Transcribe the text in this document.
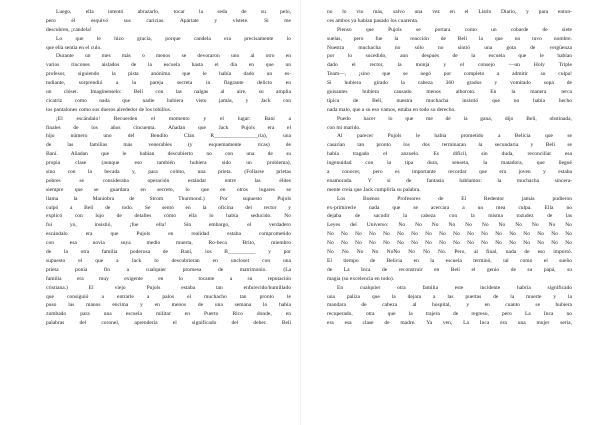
Luego, ella intentó abrazarlo, tocar la seda de su pelo,
pero él esquivó sus caricias. Apártate y vístete. Si me
descubren, ¡candela!
Lo que le hizo gracia, porque candela era precisamente lo
que ella sentía en el culo.
Durante un mes más o menos se devoraron uno al otro en
varios rincones aislados de la escuela hasta el día en que un
profesor, siguiendo la pista anónima que le había dado un es-
tudiante, sorprendió a la pareja secreta in flagrante delicto en
un clóset. Imagínenselo: Belí con las nalgas al aire, su amplia
cicatriz como nada que nadie hubiera visto jamás, y Jack con
los pantalones como sus dueros alrededor de los tobillos.
¡El escándalo! Recuerden el momento y el lugar: Baní a
finales de los años cincuenta. Añadan que Jack Pujols era el
hijo número uno del Bendito Clan R________________ría), una
de las familias más venerables (y esquemamente ricas) de
Baní. Añadan que le habían descubierto no con una de su
propia clase (aunque eso también hubiera sido un problema),
sino con la becada y, para colmo, una prieta. (Follarse prietas
pobres se consideraba operación estándar entre las élites
siempre que se guardara en secreto, lo que en otros lugares se
llama la Maniobra de Strom Thurmond.) Por supuesto Pujols
culpó a Belí de todo. Se sentó en la oficina del rector y
explicó con lujo de detalles cómo ella lo había seducido. No
fui yo, insistió, ¡fue ella! Sin embargo, el verdadero
escándalo era que Pujols en realidad estaba comprometido
con esa novia suya medio muerta, Ro-beca Brito, miembro
de la otra familia poderosa de Baní, los B__________ y por
supuesto el que a Jack lo descubrieran en uncloset con una
prieta ponía fin a cualquier promesa de matrimonio. (La
familia era muy exigente en lo tocante a su reputación
cristiana.) El viejo Pujols estaba tan enfurecido/humillado
que consiguió a entrarle a palos el muchacho tan pronto le
puso las manos encima y en menos de una semana lo había
zumbado para una escuela militar en Puerto Rico donde, en
palabras del coronel, aprendería el significado del deber. Belí
no lo vio más, salvo una vez en el Listín Diario, y para enton-
ces ambos ya habían pasado los cuarenta.
Pienso que Pujols se portara como un cobarde de siete
suelas, pero fue la reacción de Belí la que no tuvo nombre.
Nuestra muchacha no sólo no sintió una gota de vergüenza
por lo sucedido, aun después de la escuela que le habían
dado el rector, la monja y el consejo —un Holy Triple
Team—, ¡sino que se negó por completo a admitir su culpa!
Si hubiera girado la cabeza 360 grados y vomitado sopa de
guisantes hubiera causado menos alboroto. En la manera terca
típica de Belí, nuestra muchacha insistió que no había hecho
nada malo, que a su eso vamos, estaba en todo su derecho.
Puedo hacer lo que me dé la gana, dijo Belí, obstinada,
con mi marido.
Al parecer Pujols le había prometido a Belicia que se
casarían tan pronto los dos terminaran la secundaria y Belí se
había tragado el anzuelo. Es difícil, sin duda, reconciliar esa
ingenuidad con la tipa dura, senseta, la matadora, que llegué
a conocer, pero es importante recordar que era joven y estaba
enamorada. Y si de fantasía hablamos: la muchacha sincera-
mente creía que Jack cumpliría su palabra.
Los Buenos Profesores de El Redentor jamás pudieron
ex-primirerle nada que se acercara a un mea culpa. Ella no
dejaba de sacudir la cabeza con la misma tozudez de las
Leyes del Universo: No No No No No No No No No No No
No No No No No No No No No No No No No No No No No No
No No No No No No No No No No No No No No No No No No
No No No No NoNo No No No. Pero, al final, nada de eso importó.
El tiempo de Belicia en la escuela terminó, tal como el sueño
de La Inca de reconstruir en Belí el genio de su papá, su
magia (su excelencia en todo).
En cualquier otra familia este incidente habría significado
una paliza que la dejara a las puertas de la muerte y la
mandara de cabeza al hospital, y en cuanto se hubiera
recuperado, otra que la trajera de regreso, pero La Inca no
era esa clase de madre. Ya ven, La Inca era una mujer seria,
